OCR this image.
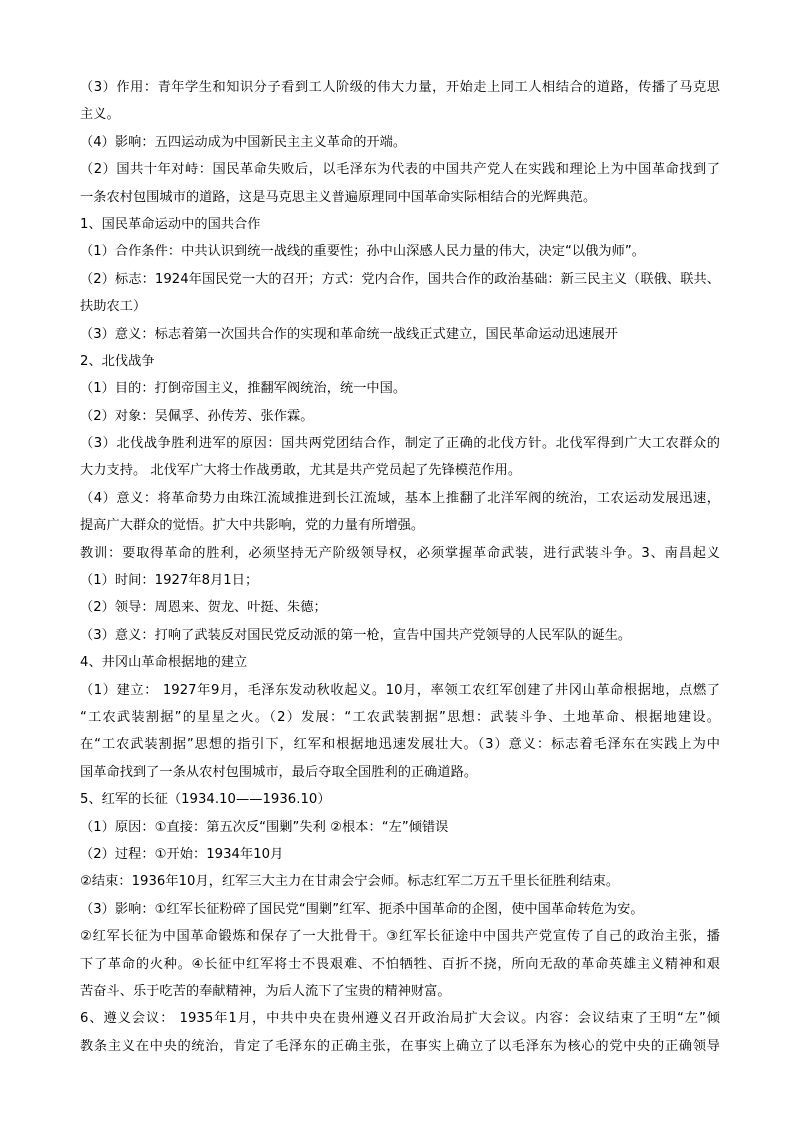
（3）作用：青年学生和知识分子看到工人阶级的伟大力量，开始走上同工人相结合的道路，传播了马克思
主义。
（4）影响：五四运动成为中国新民主主义革命的开端。
（2）国共十年对峙：国民革命失败后，以毛泽东为代表的中国共产党人在实践和理论上为中国革命找到了
一条农村包围城市的道路，这是马克思主义普遍原理同中国革命实际相结合的光辉典范。
1、国民革命运动中的国共合作
（1）合作条件：中共认识到统一战线的重要性；孙中山深感人民力量的伟大，决定“以俄为师”。
（2）标志：1924年国民党一大的召开；方式：党内合作，国共合作的政治基础：新三民主义（联俄、联共、
扶助农工）
（3）意义：标志着第一次国共合作的实现和革命统一战线正式建立，国民革命运动迅速展开
2、北伐战争
（1）目的：打倒帝国主义，推翻军阀统治，统一中国。
（2）对象：吴佩孚、孙传芳、张作霖。
（3）北伐战争胜利进军的原因：国共两党团结合作，制定了正确的北伐方针。北伐军得到广大工农群众的
大力支持。 北伐军广大将士作战勇敢，尤其是共产党员起了先锋模范作用。
（4）意义：将革命势力由珠江流域推进到长江流域，基本上推翻了北洋军阀的统治，工农运动发展迅速，
提高广大群众的觉悟。扩大中共影响，党的力量有所增强。
教训：要取得革命的胜利，必须坚持无产阶级领导权，必须掌握革命武装，进行武装斗争。3、南昌起义
（1）时间：1927年8月1日；
（2）领导：周恩来、贺龙、叶挺、朱德；
（3）意义：打响了武装反对国民党反动派的第一枪，宣告中国共产党领导的人民军队的诞生。
4、井冈山革命根据地的建立
（1）建立： 1927年9月，毛泽东发动秋收起义。10月，率领工农红军创建了井冈山革命根据地，点燃了
“工农武装割据”的星星之火。（2）发展：“工农武装割据”思想：武装斗争、土地革命、根据地建设。
在“工农武装割据”思想的指引下，红军和根据地迅速发展壮大。（3）意义：标志着毛泽东在实践上为中
国革命找到了一条从农村包围城市，最后夺取全国胜利的正确道路。
5、红军的长征（1934.10——1936.10）
（1）原因：①直接：第五次反“围剿”失利 ②根本：“左”倾错误
（2）过程：①开始：1934年10月
②结束：1936年10月，红军三大主力在甘肃会宁会师。标志红军二万五千里长征胜利结束。
（3）影响：①红军长征粉碎了国民党“围剿”红军、扼杀中国革命的企图，使中国革命转危为安。
②红军长征为中国革命锻炼和保存了一大批骨干。③红军长征途中中国共产党宣传了自己的政治主张，播
下了革命的火种。④长征中红军将士不畏艰难、不怕牺牲、百折不挠，所向无敌的革命英雄主义精神和艰
苦奋斗、乐于吃苦的奉献精神，为后人流下了宝贵的精神财富。
6、遵义会议： 1935年1月，中共中央在贵州遵义召开政治局扩大会议。内容：会议结束了王明“左”倾
教条主义在中央的统治，肯定了毛泽东的正确主张，在事实上确立了以毛泽东为核心的党中央的正确领导
